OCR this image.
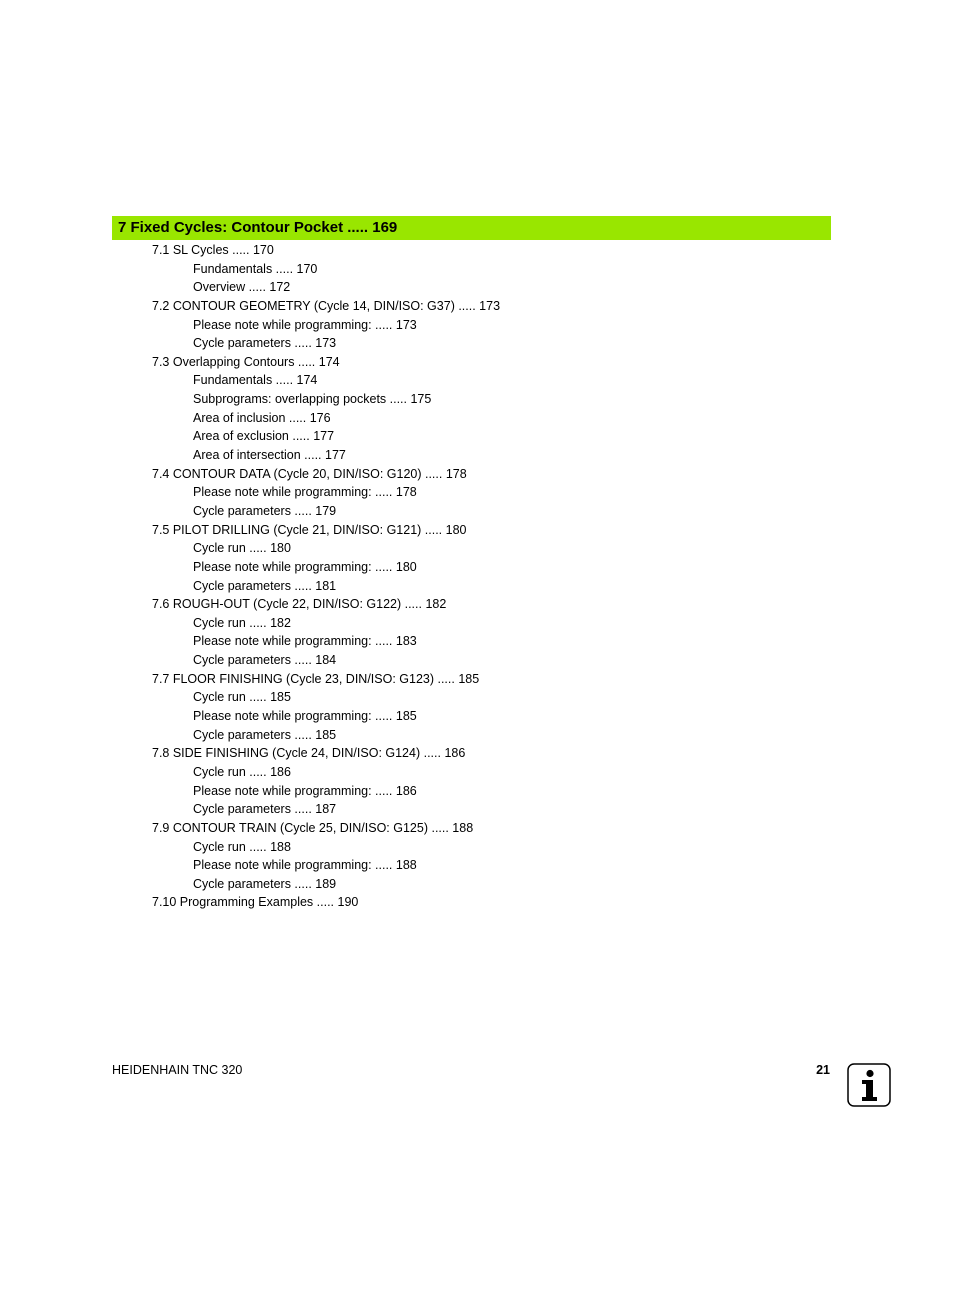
7 Fixed Cycles: Contour Pocket ..... 169
7.1 SL Cycles ..... 170
Fundamentals ..... 170
Overview ..... 172
7.2 CONTOUR GEOMETRY (Cycle 14, DIN/ISO: G37) ..... 173
Please note while programming: ..... 173
Cycle parameters ..... 173
7.3 Overlapping Contours ..... 174
Fundamentals ..... 174
Subprograms: overlapping pockets ..... 175
Area of inclusion ..... 176
Area of exclusion ..... 177
Area of intersection ..... 177
7.4 CONTOUR DATA (Cycle 20, DIN/ISO: G120) ..... 178
Please note while programming: ..... 178
Cycle parameters ..... 179
7.5 PILOT DRILLING (Cycle 21, DIN/ISO: G121) ..... 180
Cycle run ..... 180
Please note while programming: ..... 180
Cycle parameters ..... 181
7.6 ROUGH-OUT (Cycle 22, DIN/ISO: G122) ..... 182
Cycle run ..... 182
Please note while programming: ..... 183
Cycle parameters ..... 184
7.7 FLOOR FINISHING (Cycle 23, DIN/ISO: G123) ..... 185
Cycle run ..... 185
Please note while programming: ..... 185
Cycle parameters ..... 185
7.8 SIDE FINISHING (Cycle 24, DIN/ISO: G124) ..... 186
Cycle run ..... 186
Please note while programming: ..... 186
Cycle parameters ..... 187
7.9 CONTOUR TRAIN (Cycle 25, DIN/ISO: G125) ..... 188
Cycle run ..... 188
Please note while programming: ..... 188
Cycle parameters ..... 189
7.10 Programming Examples ..... 190
HEIDENHAIN TNC 320	21
